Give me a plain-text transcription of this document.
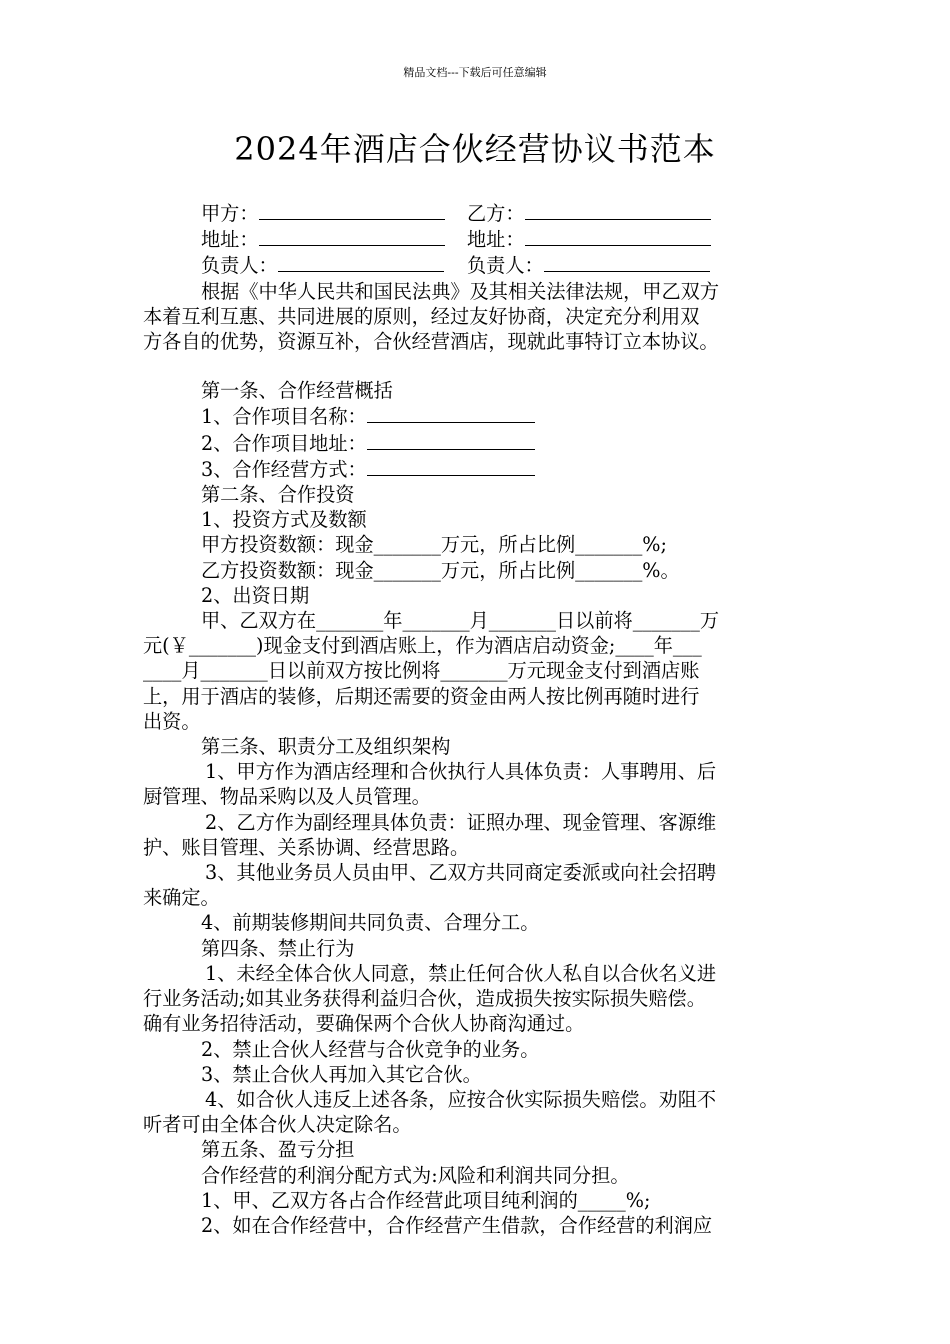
精品文档---下载后可任意编辑
2024年酒店合伙经营协议书范本
甲方：	乙方：
地址：	地址：
负责人：	负责人：

根据《中华人民共和国民法典》及其相关法律法规，甲乙双方

本着互利互惠、共同进展的原则，经过友好协商，决定充分利用双

方各自的优势，资源互补，合伙经营酒店，现就此事特订立本协议。

第一条、合作经营概括

1、合作项目名称：

2、合作项目地址：

3、合作经营方式：

第二条、合作投资

1、投资方式及数额

甲方投资数额：现金_______万元，所占比例_______%;

乙方投资数额：现金_______万元，所占比例_______%。

2、出资日期

甲、乙双方在_______年_______月_______日以前将_______万

元(￥_______)现金支付到酒店账上，作为酒店启动资金;____年___

____月_______日以前双方按比例将_______万元现金支付到酒店账

上，用于酒店的装修，后期还需要的资金由两人按比例再随时进行

出资。

第三条、职责分工及组织架构

1、甲方作为酒店经理和合伙执行人具体负责：人事聘用、后

厨管理、物品采购以及人员管理。

2、乙方作为副经理具体负责：证照办理、现金管理、客源维

护、账目管理、关系协调、经营思路。

3、其他业务员人员由甲、乙双方共同商定委派或向社会招聘

来确定。

4、前期装修期间共同负责、合理分工。

第四条、禁止行为

1、未经全体合伙人同意，禁止任何合伙人私自以合伙名义进

行业务活动;如其业务获得利益归合伙，造成损失按实际损失赔偿。

确有业务招待活动，要确保两个合伙人协商沟通过。

2、禁止合伙人经营与合伙竞争的业务。

3、禁止合伙人再加入其它合伙。

4、如合伙人违反上述各条，应按合伙实际损失赔偿。劝阻不

听者可由全体合伙人决定除名。

第五条、盈亏分担

合作经营的利润分配方式为:风险和利润共同分担。

1、甲、乙双方各占合作经营此项目纯利润的_____%;

2、如在合作经营中，合作经营产生借款，合作经营的利润应
